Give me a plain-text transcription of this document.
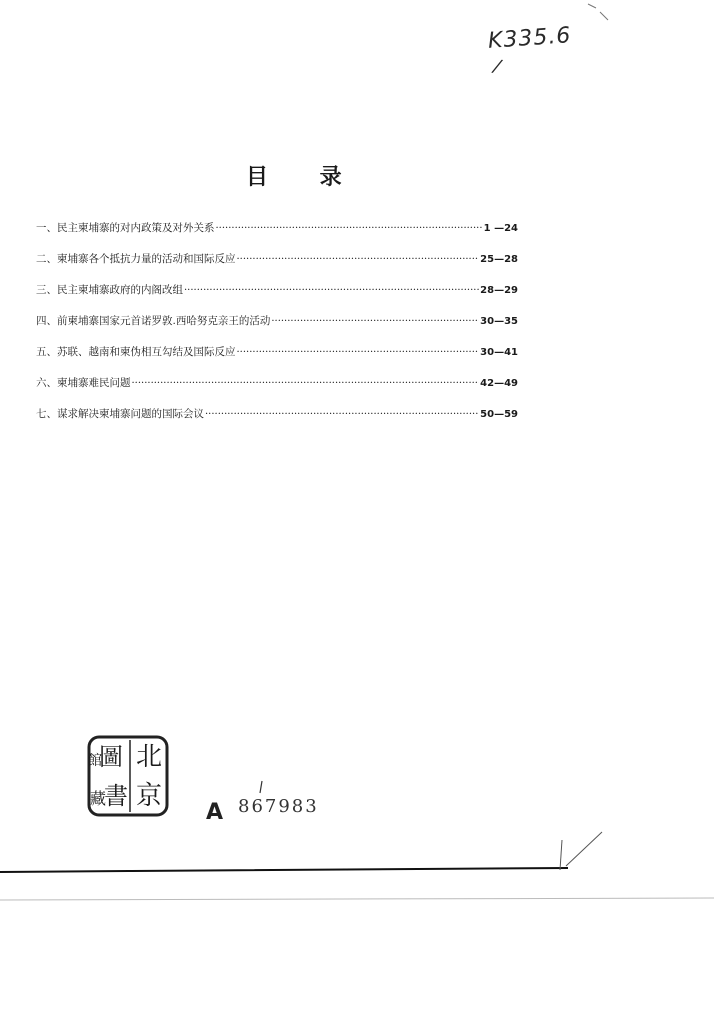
K335.6
/
目 录
一、 民主柬埔寨的对内政策及对外关系 ·····	1 —24
二、 柬埔寨各个抵抗力量的活动和国际反应 ·····	25—28
三、 民主柬埔寨政府的内阁改组 ·····	28—29
四、 前柬埔寨国家元首诺罗敦.西哈努克亲王的活动 ·····	30—35
五、 苏联、越南和柬伪相互勾结及国际反应 ·····	30—41
六、 柬埔寨难民问题 ·····	42—49
七、 谋求解决柬埔寨问题的国际会议 ·····	50—59
北
圖
館
京
書
藏
A 867983
